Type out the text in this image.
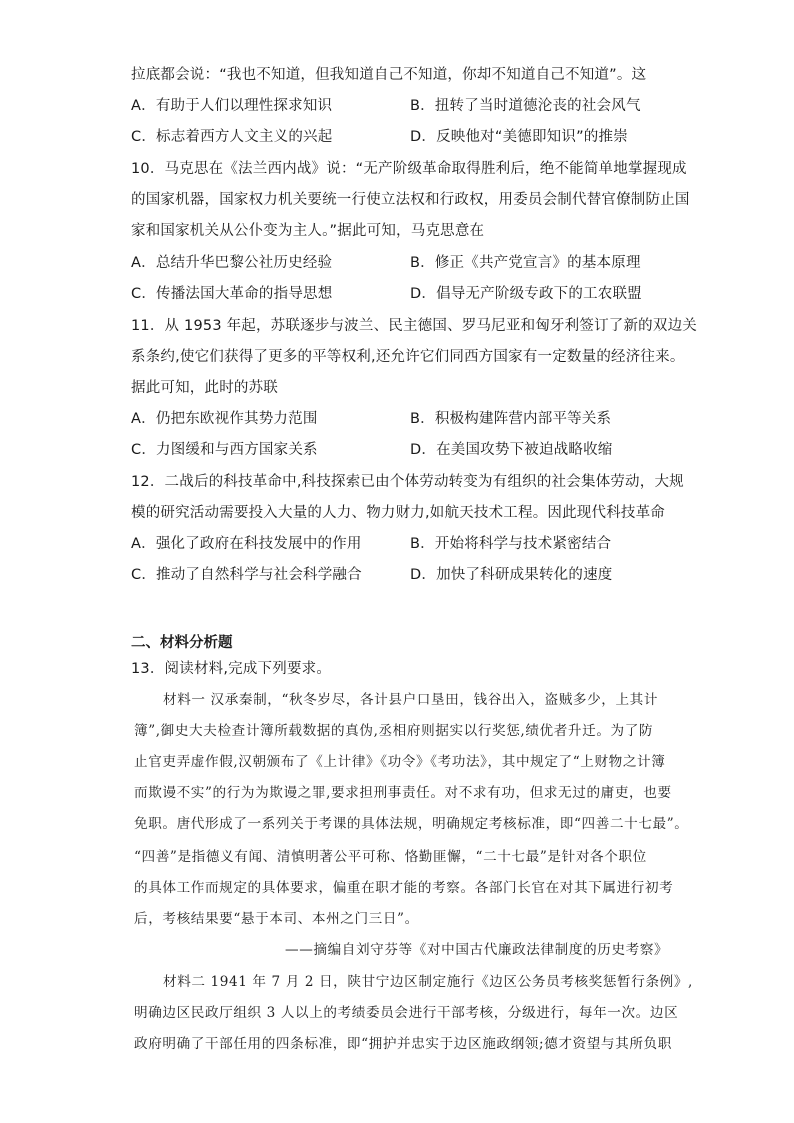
拉底都会说：“我也不知道，但我知道自己不知道，你却不知道自己不知道”。这
A．有助于人们以理性探求知识	B．扭转了当时道德沦丧的社会风气
C．标志着西方人文主义的兴起	D．反映他对“美德即知识”的推崇
10．马克思在《法兰西内战》说：“无产阶级革命取得胜利后，绝不能简单地掌握现成
的国家机器，国家权力机关要统一行使立法权和行政权，用委员会制代替官僚制防止国
家和国家机关从公仆变为主人。”据此可知，马克思意在
A．总结升华巴黎公社历史经验	B．修正《共产党宣言》的基本原理
C．传播法国大革命的指导思想	D．倡导无产阶级专政下的工农联盟
11．从 1953 年起，苏联逐步与波兰、民主德国、罗马尼亚和匈牙利签订了新的双边关
系条约,使它们获得了更多的平等权利,还允许它们同西方国家有一定数量的经济往来。
据此可知，此时的苏联
A．仍把东欧视作其势力范围	B．积极构建阵营内部平等关系
C．力图缓和与西方国家关系	D．在美国攻势下被迫战略收缩
12．二战后的科技革命中,科技探索已由个体劳动转变为有组织的社会集体劳动，大规
模的研究活动需要投入大量的人力、物力财力,如航天技术工程。因此现代科技革命
A．强化了政府在科技发展中的作用	B．开始将科学与技术紧密结合
C．推动了自然科学与社会科学融合	D．加快了科研成果转化的速度
二、材料分析题
13．阅读材料,完成下列要求。
材料一 汉承秦制，“秋冬岁尽，各计县户口垦田，钱谷出入，盗贼多少，上其计
簿”,御史大夫检查计簿所载数据的真伪,丞相府则据实以行奖惩,绩优者升迁。为了防
止官吏弄虚作假,汉朝颁布了《上计律》《功令》《考功法》，其中规定了“上财物之计簿
而欺谩不实”的行为为欺谩之罪,要求担刑事责任。对不求有功，但求无过的庸吏，也要
免职。唐代形成了一系列关于考课的具体法规，明确规定考核标准，即“四善二十七最”。
“四善”是指德义有闻、清慎明著公平可称、恪勤匪懈，“二十七最”是针对各个职位
的具体工作而规定的具体要求，偏重在职才能的考察。各部门长官在对其下属进行初考
后，考核结果要“悬于本司、本州之门三日”。
——摘编自刘守芬等《对中国古代廉政法律制度的历史考察》
材料二 1941 年 7 月 2 日，陕甘宁边区制定施行《边区公务员考核奖惩暂行条例》,
明确边区民政厅组织 3 人以上的考绩委员会进行干部考核，分级进行，每年一次。边区
政府明确了干部任用的四条标准，即“拥护并忠实于边区施政纲领;德才资望与其所负职
